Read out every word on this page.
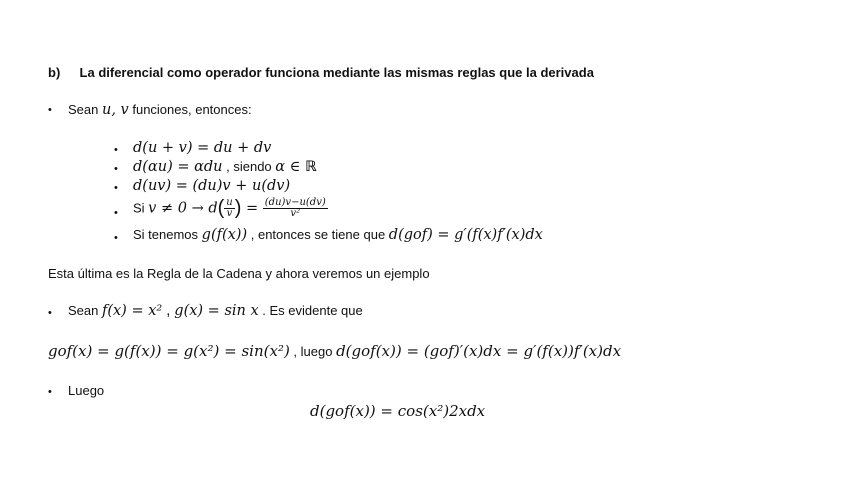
b) La diferencial como operador funciona mediante las mismas reglas que la derivada
• Sean u, v funciones, entonces:
• d(u + v) = du + dv
• d(αu) = αdu , siendo α ∈ ℝ
• d(uv) = (du)v + u(dv)
• Si $v \ne 0 \to d( \frac{u}{v}$ ) = $\frac{(du)v-u(dv)}{\text{v²}}$
• Si tenemos g(f(x)) , entonces se tiene que d(gof) = g′(f(x)f′(x)dx
Esta última es la Regla de la Cadena y ahora veremos un ejemplo
• Sean f(x) = x² , g(x) = sin x . Es evidente que
gof(x) = g(f(x)) = g(x²) = sin(x²) , luego d(gof(x)) = (gof)′(x)dx = g′(f(x))f′(x)dx
• Luego
d(gof(x)) = cos(x²)2xdx
